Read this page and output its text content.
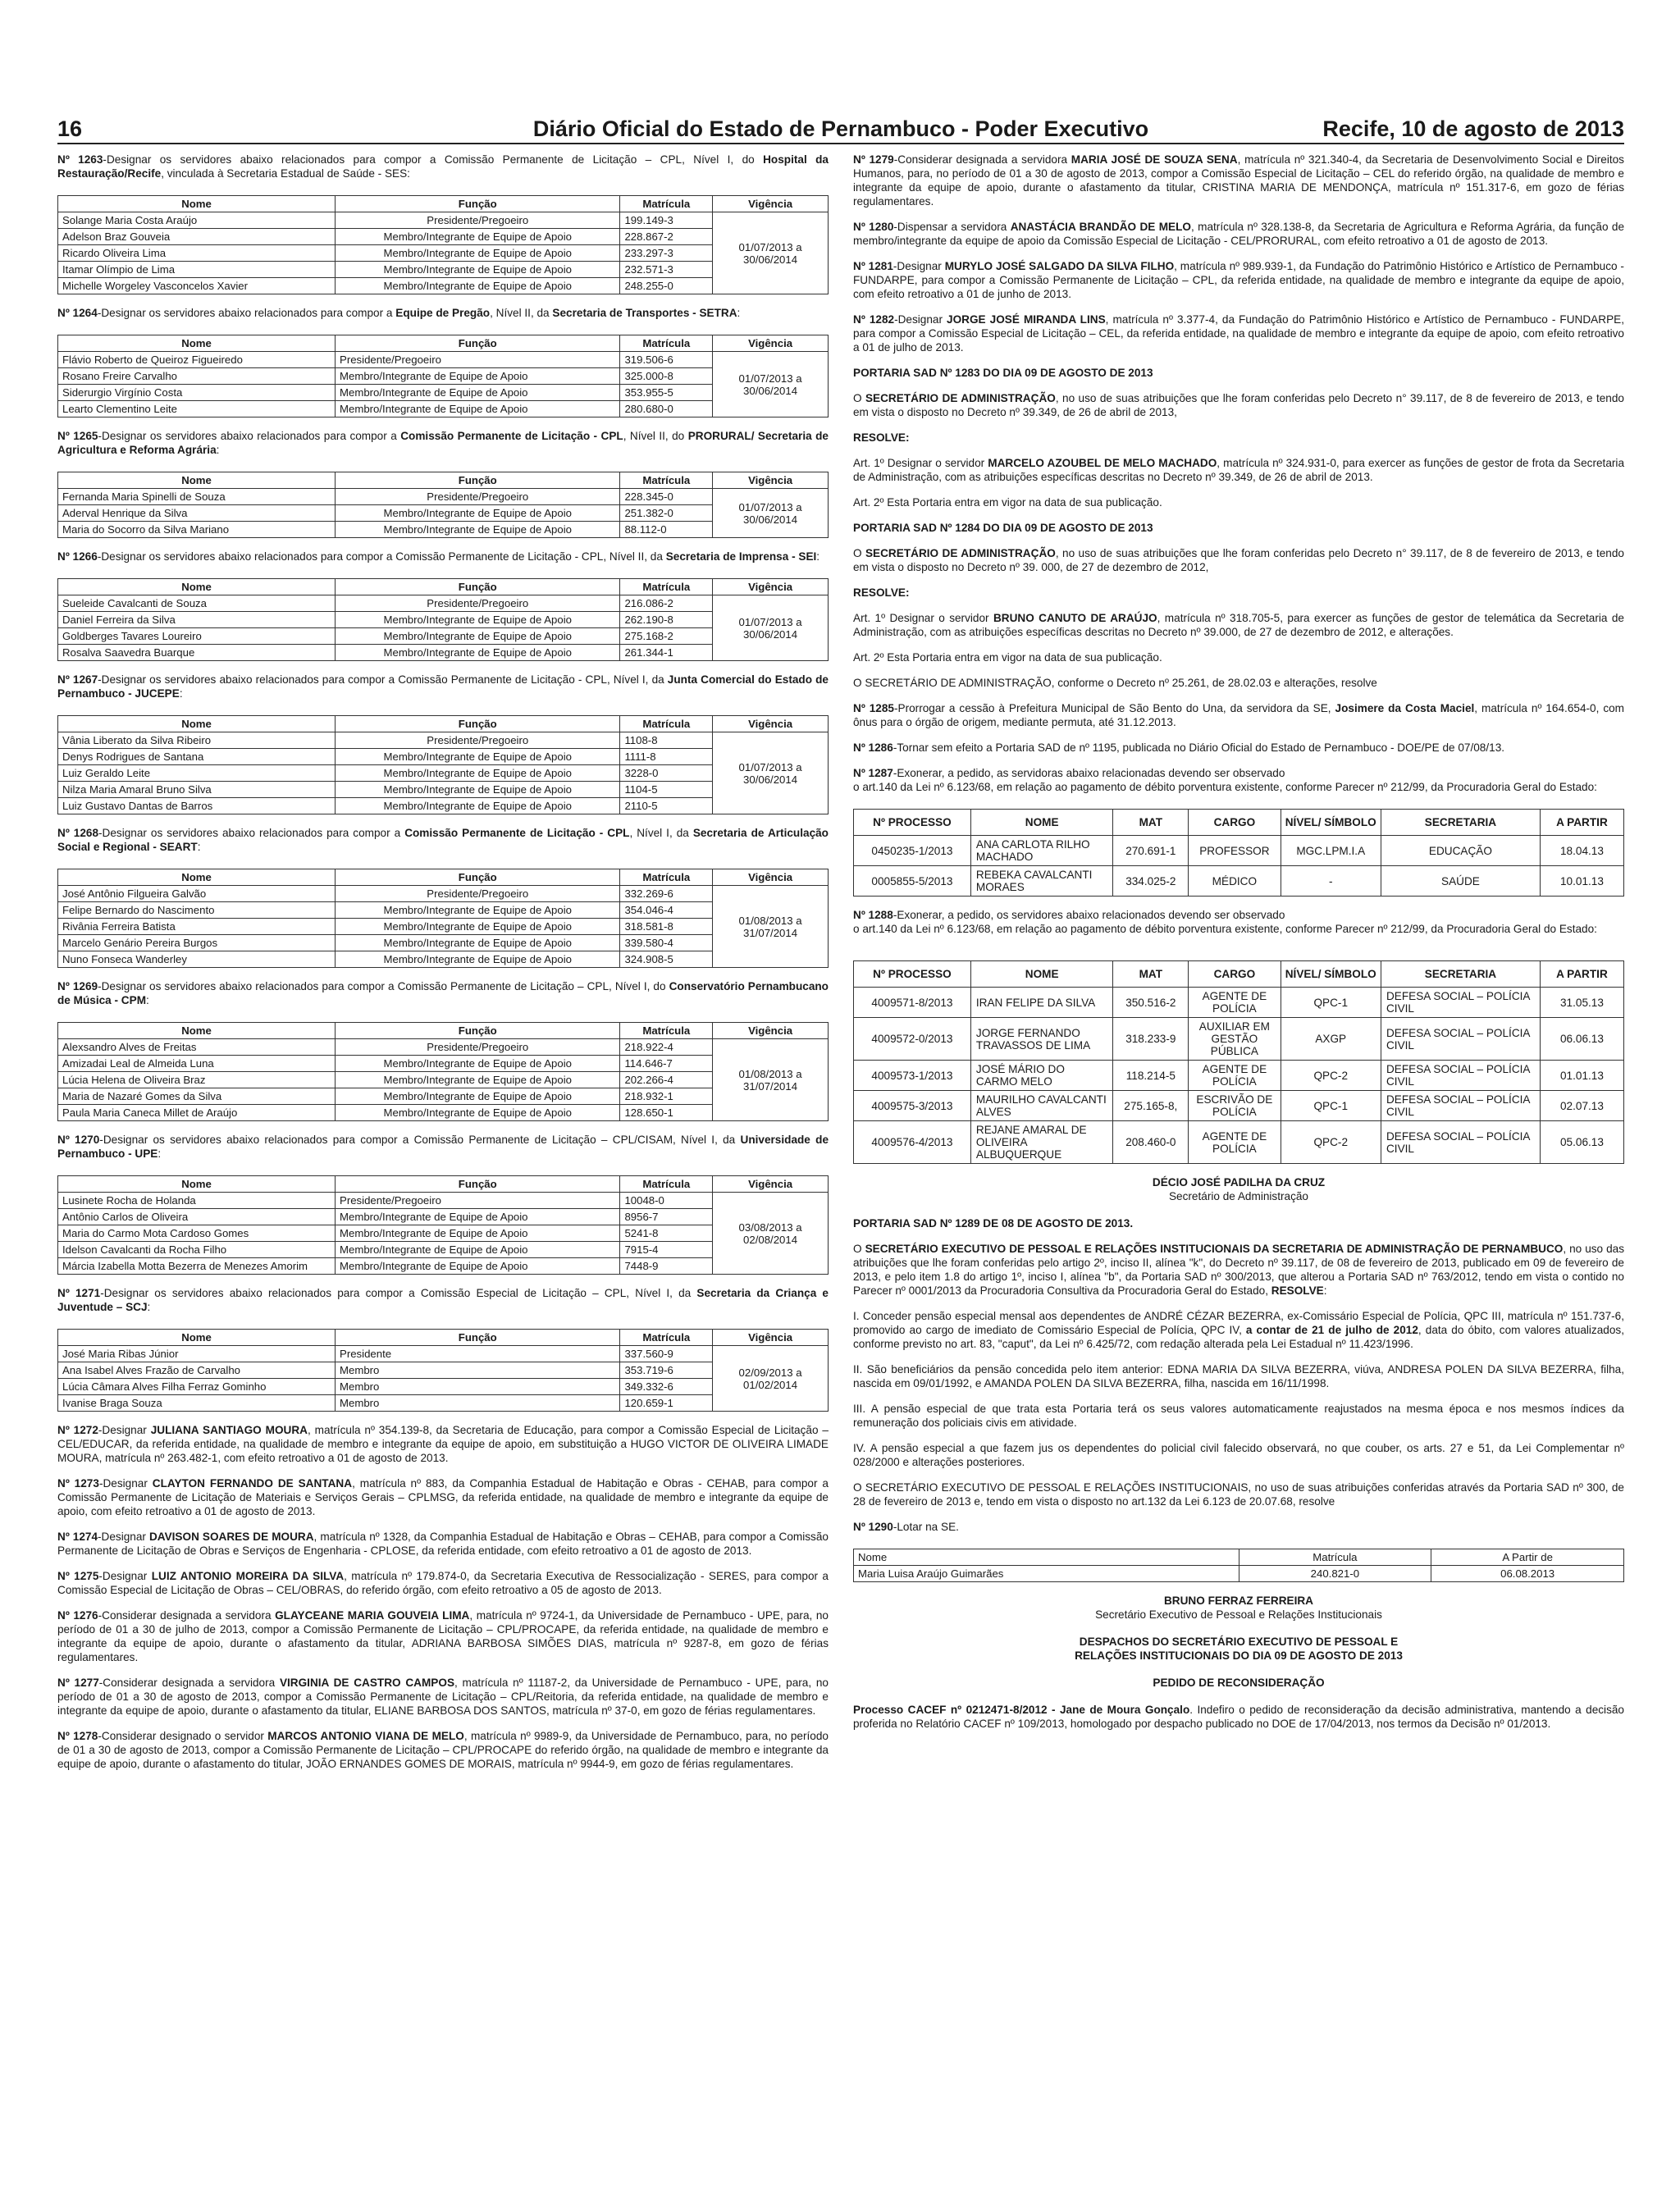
16	Diário Oficial do Estado de Pernambuco - Poder Executivo	Recife, 10 de agosto de 2013

Nº 1263-Designar os servidores abaixo relacionados para compor a Comissão Permanente de Licitação – CPL, Nível I, do Hospital da Restauração/Recife, vinculada à Secretaria Estadual de Saúde - SES:

Nome	Função	Matrícula	Vigência
Solange Maria Costa Araújo	Presidente/Pregoeiro	199.149-3	01/07/2013 a 30/06/2014
Adelson Braz Gouveia	Membro/Integrante de Equipe de Apoio	228.867-2	
Ricardo Oliveira Lima	Membro/Integrante de Equipe de Apoio	233.297-3	
Itamar Olímpio de Lima	Membro/Integrante de Equipe de Apoio	232.571-3	
Michelle Worgeley Vasconcelos Xavier	Membro/Integrante de Equipe de Apoio	248.255-0	

Nº 1264-Designar os servidores abaixo relacionados para compor a Equipe de Pregão, Nível II, da Secretaria de Transportes - SETRA:

Nome	Função	Matrícula	Vigência
Flávio Roberto de Queiroz Figueiredo	Presidente/Pregoeiro	319.506-6	01/07/2013 a 30/06/2014
Rosano Freire Carvalho	Membro/Integrante de Equipe de Apoio	325.000-8	
Siderurgio Virgínio Costa	Membro/Integrante de Equipe de Apoio	353.955-5	
Learto Clementino Leite	Membro/Integrante de Equipe de Apoio	280.680-0	

Nº 1265-Designar os servidores abaixo relacionados para compor a Comissão Permanente de Licitação - CPL, Nível II, do PRORURAL/ Secretaria de Agricultura e Reforma Agrária:

Nome	Função	Matrícula	Vigência
Fernanda Maria Spinelli de Souza	Presidente/Pregoeiro	228.345-0	01/07/2013 a 30/06/2014
Aderval Henrique da Silva	Membro/Integrante de Equipe de Apoio	251.382-0	
Maria do Socorro da Silva Mariano	Membro/Integrante de Equipe de Apoio	88.112-0	

Nº 1266-Designar os servidores abaixo relacionados para compor a Comissão Permanente de Licitação - CPL, Nível II, da Secretaria de Imprensa - SEI:

Nome	Função	Matrícula	Vigência
Sueleide Cavalcanti de Souza	Presidente/Pregoeiro	216.086-2	01/07/2013 a 30/06/2014
Daniel Ferreira da Silva	Membro/Integrante de Equipe de Apoio	262.190-8	
Goldberges Tavares Loureiro	Membro/Integrante de Equipe de Apoio	275.168-2	
Rosalva Saavedra Buarque	Membro/Integrante de Equipe de Apoio	261.344-1	

Nº 1267-Designar os servidores abaixo relacionados para compor a Comissão Permanente de Licitação - CPL, Nível I, da Junta Comercial do Estado de Pernambuco - JUCEPE:

Nome	Função	Matrícula	Vigência
Vânia Liberato da Silva Ribeiro	Presidente/Pregoeiro	1108-8	01/07/2013 a 30/06/2014
Denys Rodrigues de Santana	Membro/Integrante de Equipe de Apoio	1111-8	
Luiz Geraldo Leite	Membro/Integrante de Equipe de Apoio	3228-0	
Nilza Maria Amaral Bruno Silva	Membro/Integrante de Equipe de Apoio	1104-5	
Luiz Gustavo Dantas de Barros	Membro/Integrante de Equipe de Apoio	2110-5	

Nº 1268-Designar os servidores abaixo relacionados para compor a Comissão Permanente de Licitação - CPL, Nível I, da Secretaria de Articulação Social e Regional - SEART:

Nome	Função	Matrícula	Vigência
José Antônio Filgueira Galvão	Presidente/Pregoeiro	332.269-6	01/08/2013 a 31/07/2014
Felipe Bernardo do Nascimento	Membro/Integrante de Equipe de Apoio	354.046-4	
Rivânia Ferreira Batista	Membro/Integrante de Equipe de Apoio	318.581-8	
Marcelo Genário Pereira Burgos	Membro/Integrante de Equipe de Apoio	339.580-4	
Nuno Fonseca Wanderley	Membro/Integrante de Equipe de Apoio	324.908-5	

Nº 1269-Designar os servidores abaixo relacionados para compor a Comissão Permanente de Licitação – CPL, Nível I, do Conservatório Pernambucano de Música - CPM:

Nome	Função	Matrícula	Vigência
Alexsandro Alves de Freitas	Presidente/Pregoeiro	218.922-4	01/08/2013 a 31/07/2014
Amizadai Leal de Almeida Luna	Membro/Integrante de Equipe de Apoio	114.646-7	
Lúcia Helena de Oliveira Braz	Membro/Integrante de Equipe de Apoio	202.266-4	
Maria de Nazaré Gomes da Silva	Membro/Integrante de Equipe de Apoio	218.932-1	
Paula Maria Caneca Millet de Araújo	Membro/Integrante de Equipe de Apoio	128.650-1	

Nº 1270-Designar os servidores abaixo relacionados para compor a Comissão Permanente de Licitação – CPL/CISAM, Nível I, da Universidade de Pernambuco - UPE:

Nome	Função	Matrícula	Vigência
Lusinete Rocha de Holanda	Presidente/Pregoeiro	10048-0	03/08/2013 a 02/08/2014
Antônio Carlos de Oliveira	Membro/Integrante de Equipe de Apoio	8956-7	
Maria do Carmo Mota Cardoso Gomes	Membro/Integrante de Equipe de Apoio	5241-8	
Idelson Cavalcanti da Rocha Filho	Membro/Integrante de Equipe de Apoio	7915-4	
Márcia Izabella Motta Bezerra de Menezes Amorim	Membro/Integrante de Equipe de Apoio	7448-9	

Nº 1271-Designar os servidores abaixo relacionados para compor a Comissão Especial de Licitação – CPL, Nível I, da Secretaria da Criança e Juventude – SCJ:

Nome	Função	Matrícula	Vigência
José Maria Ribas Júnior	Presidente	337.560-9	02/09/2013 a 01/02/2014
Ana Isabel Alves Frazão de Carvalho	Membro	353.719-6	
Lúcia Câmara Alves Filha Ferraz Gominho	Membro	349.332-6	
Ivanise Braga Souza	Membro	120.659-1	

Nº 1272-Designar JULIANA SANTIAGO MOURA, matrícula nº 354.139-8, da Secretaria de Educação, para compor a Comissão Especial de Licitação – CEL/EDUCAR, da referida entidade, na qualidade de membro e integrante da equipe de apoio, em substituição a HUGO VICTOR DE OLIVEIRA LIMADE MOURA, matrícula nº 263.482-1, com efeito retroativo a 01 de agosto de 2013.

Nº 1273-Designar CLAYTON FERNANDO DE SANTANA, matrícula nº 883, da Companhia Estadual de Habitação e Obras - CEHAB, para compor a Comissão Permanente de Licitação de Materiais e Serviços Gerais – CPLMSG, da referida entidade, na qualidade de membro e integrante da equipe de apoio, com efeito retroativo a 01 de agosto de 2013.

Nº 1274-Designar DAVISON SOARES DE MOURA, matrícula nº 1328, da Companhia Estadual de Habitação e Obras – CEHAB, para compor a Comissão Permanente de Licitação de Obras e Serviços de Engenharia - CPLOSE, da referida entidade, com efeito retroativo a 01 de agosto de 2013.

Nº 1275-Designar LUIZ ANTONIO MOREIRA DA SILVA, matrícula nº 179.874-0, da Secretaria Executiva de Ressocialização - SERES, para compor a Comissão Especial de Licitação de Obras – CEL/OBRAS, do referido órgão, com efeito retroativo a 05 de agosto de 2013.

Nº 1276-Considerar designada a servidora GLAYCEANE MARIA GOUVEIA LIMA, matrícula nº 9724-1, da Universidade de Pernambuco - UPE, para, no período de 01 a 30 de julho de 2013, compor a Comissão Permanente de Licitação – CPL/PROCAPE, da referida entidade, na qualidade de membro e integrante da equipe de apoio, durante o afastamento da titular, ADRIANA BARBOSA SIMÕES DIAS, matrícula nº 9287-8, em gozo de férias regulamentares.

Nº 1277-Considerar designada a servidora VIRGINIA DE CASTRO CAMPOS, matrícula nº 11187-2, da Universidade de Pernambuco - UPE, para, no período de 01 a 30 de agosto de 2013, compor a Comissão Permanente de Licitação – CPL/Reitoria, da referida entidade, na qualidade de membro e integrante da equipe de apoio, durante o afastamento da titular, ELIANE BARBOSA DOS SANTOS, matrícula nº 37-0, em gozo de férias regulamentares.

Nº 1278-Considerar designado o servidor MARCOS ANTONIO VIANA DE MELO, matrícula nº 9989-9, da Universidade de Pernambuco, para, no período de 01 a 30 de agosto de 2013, compor a Comissão Permanente de Licitação – CPL/PROCAPE do referido órgão, na qualidade de membro e integrante da equipe de apoio, durante o afastamento do titular, JOÃO ERNANDES GOMES DE MORAIS, matrícula nº 9944-9, em gozo de férias regulamentares.

Nº 1279-Considerar designada a servidora MARIA JOSÉ DE SOUZA SENA, matrícula nº 321.340-4, da Secretaria de Desenvolvimento Social e Direitos Humanos, para, no período de 01 a 30 de agosto de 2013, compor a Comissão Especial de Licitação – CEL do referido órgão, na qualidade de membro e integrante da equipe de apoio, durante o afastamento da titular, CRISTINA MARIA DE MENDONÇA, matrícula nº 151.317-6, em gozo de férias regulamentares.

Nº 1280-Dispensar a servidora ANASTÁCIA BRANDÃO DE MELO, matrícula nº 328.138-8, da Secretaria de Agricultura e Reforma Agrária, da função de membro/integrante da equipe de apoio da Comissão Especial de Licitação - CEL/PRORURAL, com efeito retroativo a 01 de agosto de 2013.

Nº 1281-Designar MURYLO JOSÉ SALGADO DA SILVA FILHO, matrícula nº 989.939-1, da Fundação do Patrimônio Histórico e Artístico de Pernambuco - FUNDARPE, para compor a Comissão Permanente de Licitação – CPL, da referida entidade, na qualidade de membro e integrante da equipe de apoio, com efeito retroativo a 01 de junho de 2013.

Nº 1282-Designar JORGE JOSÉ MIRANDA LINS, matrícula nº 3.377-4, da Fundação do Patrimônio Histórico e Artístico de Pernambuco - FUNDARPE, para compor a Comissão Especial de Licitação – CEL, da referida entidade, na qualidade de membro e integrante da equipe de apoio, com efeito retroativo a 01 de julho de 2013.

PORTARIA SAD Nº 1283 DO DIA 09 DE AGOSTO DE 2013

O SECRETÁRIO DE ADMINISTRAÇÃO, no uso de suas atribuições que lhe foram conferidas pelo Decreto n° 39.117, de 8 de fevereiro de 2013, e tendo em vista o disposto no Decreto nº 39.349, de 26 de abril de 2013,

RESOLVE:

Art. 1º Designar o servidor MARCELO AZOUBEL DE MELO MACHADO, matrícula nº 324.931-0, para exercer as funções de gestor de frota da Secretaria de Administração, com as atribuições específicas descritas no Decreto nº 39.349, de 26 de abril de 2013.

Art. 2º Esta Portaria entra em vigor na data de sua publicação.

PORTARIA SAD Nº 1284 DO DIA 09 DE AGOSTO DE 2013

O SECRETÁRIO DE ADMINISTRAÇÃO, no uso de suas atribuições que lhe foram conferidas pelo Decreto n° 39.117, de 8 de fevereiro de 2013, e tendo em vista o disposto no Decreto nº 39. 000, de 27 de dezembro de 2012,

RESOLVE:

Art. 1º Designar o servidor BRUNO CANUTO DE ARAÚJO, matrícula nº 318.705-5, para exercer as funções de gestor de telemática da Secretaria de Administração, com as atribuições específicas descritas no Decreto nº 39.000, de 27 de dezembro de 2012, e alterações.

Art. 2º Esta Portaria entra em vigor na data de sua publicação.

O SECRETÁRIO DE ADMINISTRAÇÃO, conforme o Decreto nº 25.261, de 28.02.03 e alterações, resolve

Nº 1285-Prorrogar a cessão à Prefeitura Municipal de São Bento do Una, da servidora da SE, Josimere da Costa Maciel, matrícula nº 164.654-0, com ônus para o órgão de origem, mediante permuta, até 31.12.2013.

Nº 1286-Tornar sem efeito a Portaria SAD de nº 1195, publicada no Diário Oficial do Estado de Pernambuco - DOE/PE de 07/08/13.

Nº 1287-Exonerar, a pedido, as servidoras abaixo relacionadas devendo ser observado
o art.140 da Lei nº 6.123/68, em relação ao pagamento de débito porventura existente, conforme Parecer nº 212/99, da Procuradoria Geral do Estado:

Nº PROCESSO	NOME	MAT	CARGO	NÍVEL/ SÍMBOLO	SECRETARIA	A PARTIR
0450235-1/2013	ANA CARLOTA RILHO MACHADO	270.691-1	PROFESSOR	MGC.LPM.I.A	EDUCAÇÃO	18.04.13
0005855-5/2013	REBEKA CAVALCANTI MORAES	334.025-2	MÉDICO	-	SAÚDE	10.01.13

Nº 1288-Exonerar, a pedido, os servidores abaixo relacionados devendo ser observado
o art.140 da Lei nº 6.123/68, em relação ao pagamento de débito porventura existente, conforme Parecer nº 212/99, da Procuradoria Geral do Estado:

Nº PROCESSO	NOME	MAT	CARGO	NÍVEL/ SÍMBOLO	SECRETARIA	A PARTIR
4009571-8/2013	IRAN FELIPE DA SILVA	350.516-2	AGENTE DE POLÍCIA	QPC-1	DEFESA SOCIAL – POLÍCIA CIVIL	31.05.13
4009572-0/2013	JORGE FERNANDO TRAVASSOS DE LIMA	318.233-9	AUXILIAR EM GESTÃO PÚBLICA	AXGP	DEFESA SOCIAL – POLÍCIA CIVIL	06.06.13
4009573-1/2013	JOSÉ MÁRIO DO CARMO MELO	118.214-5	AGENTE DE POLÍCIA	QPC-2	DEFESA SOCIAL – POLÍCIA CIVIL	01.01.13
4009575-3/2013	MAURILHO CAVALCANTI ALVES	275.165-8,	ESCRIVÃO DE POLÍCIA	QPC-1	DEFESA SOCIAL – POLÍCIA CIVIL	02.07.13
4009576-4/2013	REJANE AMARAL DE OLIVEIRA ALBUQUERQUE	208.460-0	AGENTE DE POLÍCIA	QPC-2	DEFESA SOCIAL – POLÍCIA CIVIL	05.06.13
DÉCIO JOSÉ PADILHA DA CRUZ
Secretário de Administração
PORTARIA SAD Nº 1289 DE 08 DE AGOSTO DE 2013.

O SECRETÁRIO EXECUTIVO DE PESSOAL E RELAÇÕES INSTITUCIONAIS DA SECRETARIA DE ADMINISTRAÇÃO DE PERNAMBUCO, no uso das atribuições que lhe foram conferidas pelo artigo 2º, inciso II, alínea "k", do Decreto nº 39.117, de 08 de fevereiro de 2013, publicado em 09 de fevereiro de 2013, e pelo item 1.8 do artigo 1º, inciso I, alínea "b", da Portaria SAD nº 300/2013, que alterou a Portaria SAD nº 763/2012, tendo em vista o contido no Parecer nº 0001/2013 da Procuradoria Consultiva da Procuradoria Geral do Estado, RESOLVE:

I. Conceder pensão especial mensal aos dependentes de ANDRÉ CÉZAR BEZERRA, ex-Comissário Especial de Polícia, QPC III, matrícula nº 151.737-6, promovido ao cargo de imediato de Comissário Especial de Polícia, QPC IV, a contar de 21 de julho de 2012, data do óbito, com valores atualizados, conforme previsto no art. 83, "caput", da Lei nº 6.425/72, com redação alterada pela Lei Estadual nº 11.423/1996.

II. São beneficiários da pensão concedida pelo item anterior: EDNA MARIA DA SILVA BEZERRA, viúva, ANDRESA POLEN DA SILVA BEZERRA, filha, nascida em 09/01/1992, e AMANDA POLEN DA SILVA BEZERRA, filha, nascida em 16/11/1998.

III. A pensão especial de que trata esta Portaria terá os seus valores automaticamente reajustados na mesma época e nos mesmos índices da remuneração dos policiais civis em atividade.

IV. A pensão especial a que fazem jus os dependentes do policial civil falecido observará, no que couber, os arts. 27 e 51, da Lei Complementar nº 028/2000 e alterações posteriores.

O SECRETÁRIO EXECUTIVO DE PESSOAL E RELAÇÕES INSTITUCIONAIS, no uso de suas atribuições conferidas através da Portaria SAD nº 300, de 28 de fevereiro de 2013 e, tendo em vista o disposto no art.132 da Lei 6.123 de 20.07.68, resolve

Nº 1290-Lotar na SE.

Nome	Matrícula	A Partir de
Maria Luisa Araújo Guimarães	240.821-0	06.08.2013
BRUNO FERRAZ FERREIRA
Secretário Executivo de Pessoal e Relações Institucionais
DESPACHOS DO SECRETÁRIO EXECUTIVO DE PESSOAL E
RELAÇÕES INSTITUCIONAIS DO DIA 09 DE AGOSTO DE 2013
PEDIDO DE RECONSIDERAÇÃO

Processo CACEF nº 0212471-8/2012 - Jane de Moura Gonçalo. Indefiro o pedido de reconsideração da decisão administrativa, mantendo a decisão proferida no Relatório CACEF nº 109/2013, homologado por despacho publicado no DOE de 17/04/2013, nos termos da Decisão nº 01/2013.
